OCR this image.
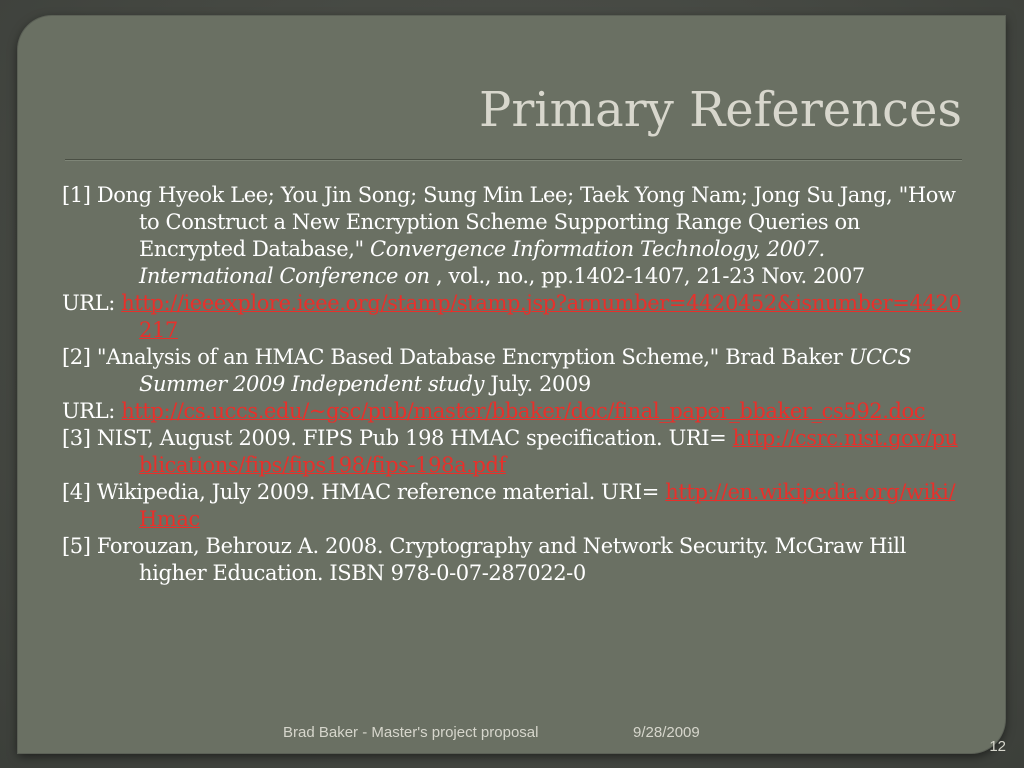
Primary References
[1] Dong Hyeok Lee; You Jin Song; Sung Min Lee; Taek Yong Nam; Jong Su Jang, "How to Construct a New Encryption Scheme Supporting Range Queries on Encrypted Database," Convergence Information Technology, 2007. International Conference on , vol., no., pp.1402-1407, 21-23 Nov. 2007
URL: http://ieeexplore.ieee.org/stamp/stamp.jsp?arnumber=4420452&isnumber=4420217
[2] "Analysis of an HMAC Based Database Encryption Scheme," Brad Baker UCCS Summer 2009 Independent study July. 2009
URL: http://cs.uccs.edu/~gsc/pub/master/bbaker/doc/final_paper_bbaker_cs592.doc
[3] NIST, August 2009. FIPS Pub 198 HMAC specification. URI= http://csrc.nist.gov/publications/fips/fips198/fips-198a.pdf
[4] Wikipedia, July 2009. HMAC reference material. URI= http://en.wikipedia.org/wiki/Hmac
[5] Forouzan, Behrouz A. 2008. Cryptography and Network Security. McGraw Hill higher Education. ISBN 978-0-07-287022-0
Brad Baker - Master's project proposal	9/28/2009
12
